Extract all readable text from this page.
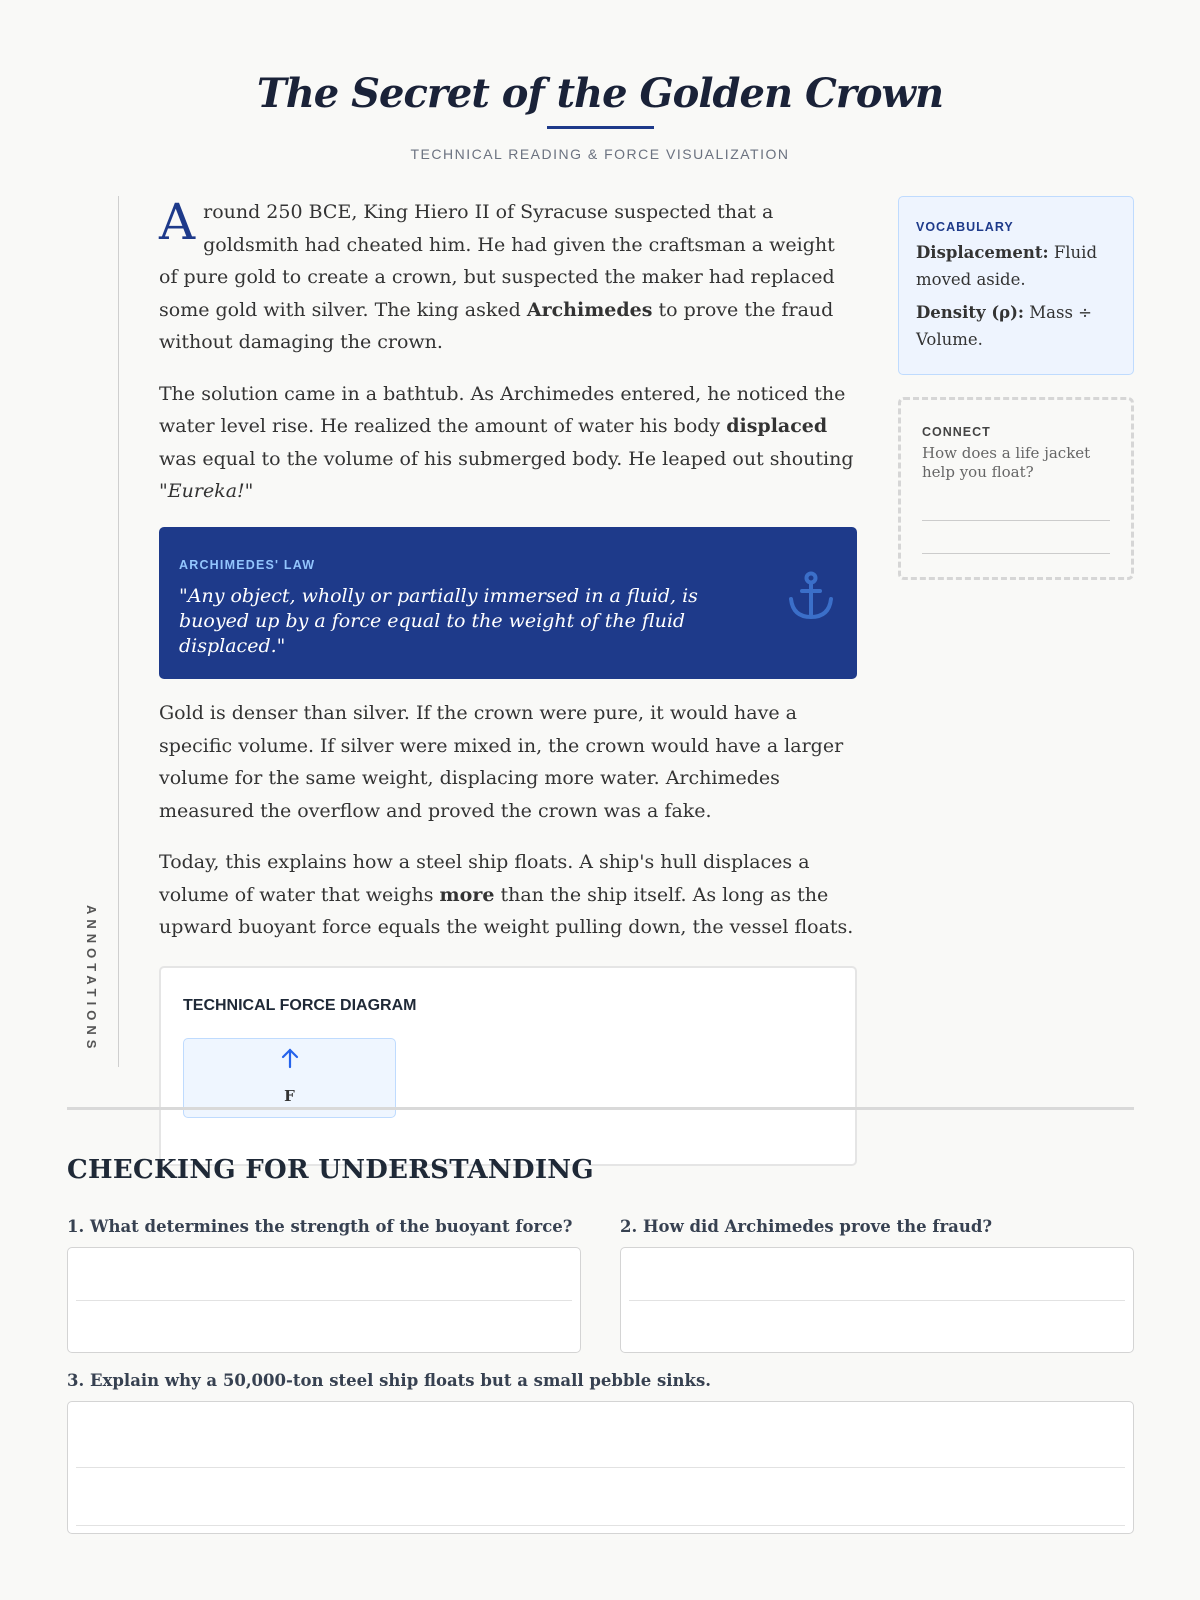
The Secret of the Golden Crown
TECHNICAL READING & FORCE VISUALIZATION
ANNOTATIONS

Around 250 BCE, King Hiero II of Syracuse suspected that a goldsmith had cheated him. He had given the craftsman a weight of pure gold to create a crown, but suspected the maker had replaced some gold with silver. The king asked Archimedes to prove the fraud without damaging the crown.

The solution came in a bathtub. As Archimedes entered, he noticed the water level rise. He realized the amount of water his body displaced was equal to the volume of his submerged body. He leaped out shouting "Eureka!"

ARCHIMEDES' LAW
"Any object, wholly or partially immersed in a fluid, is buoyed up by a force equal to the weight of the fluid displaced."

Gold is denser than silver. If the crown were pure, it would have a specific volume. If silver were mixed in, the crown would have a larger volume for the same weight, displacing more water. Archimedes measured the overflow and proved the crown was a fake.

Today, this explains how a steel ship floats. A ship's hull displaces a volume of water that weighs more than the ship itself. As long as the upward buoyant force equals the weight pulling down, the vessel floats.

TECHNICAL FORCE DIAGRAM
F
VOCABULARY

Displacement: Fluid moved aside.

Density (ρ): Mass ÷ Volume.

CONNECT
How does a life jacket help you float?
CHECKING FOR UNDERSTANDING
1. What determines the strength of the buoyant force?	2. How did Archimedes prove the fraud?
3. Explain why a 50,000-ton steel ship floats but a small pebble sinks.
